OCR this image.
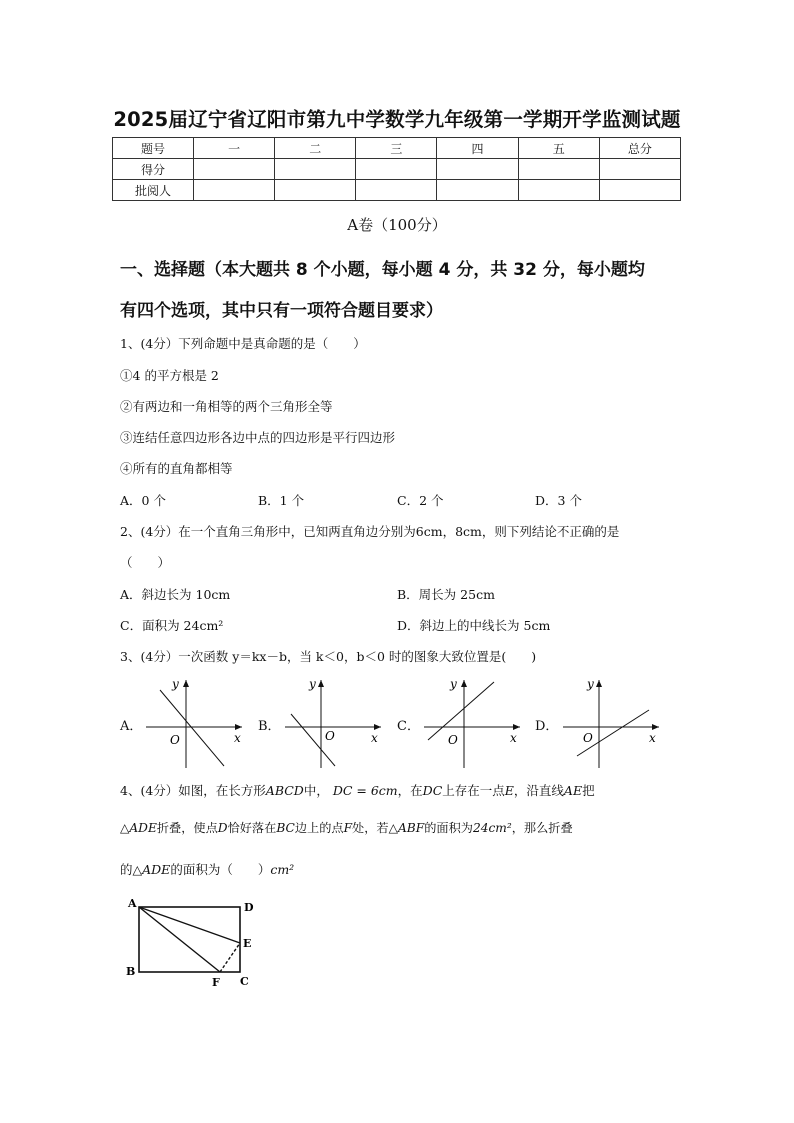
2025届辽宁省辽阳市第九中学数学九年级第一学期开学监测试题
题号	一	二	三	四	五	总分
得分						
批阅人						
A卷（100分）
一、选择题（本大题共 8 个小题，每小题 4 分，共 32 分，每小题均
有四个选项，其中只有一项符合题目要求）
1、(4分）下列命题中是真命题的是（　　）
①4 的平方根是 2
②有两边和一角相等的两个三角形全等
③连结任意四边形各边中点的四边形是平行四边形
④所有的直角都相等
A．0 个	B．1 个	C．2 个	D．3 个
2、(4分）在一个直角三角形中，已知两直角边分别为6cm，8cm，则下列结论不正确的是
（　　）
A．斜边长为 10cm	B．周长为 25cm
C．面积为 24cm²	D．斜边上的中线长为 5cm
3、(4分）一次函数 y＝kx－b，当 k＜0，b＜0 时的图象大致位置是(　　)
A．	B．	C．	D．
y
x
O
y
x
O
y
x
O
y
x
O
4、(4分）如图，在长方形ABCD中， DC = 6cm，在DC上存在一点E，沿直线AE把
△ADE折叠，使点D恰好落在BC边上的点F处，若△ABF的面积为24cm²，那么折叠
的△ADE的面积为（　　）cm²
A	D
E
B
C
F
